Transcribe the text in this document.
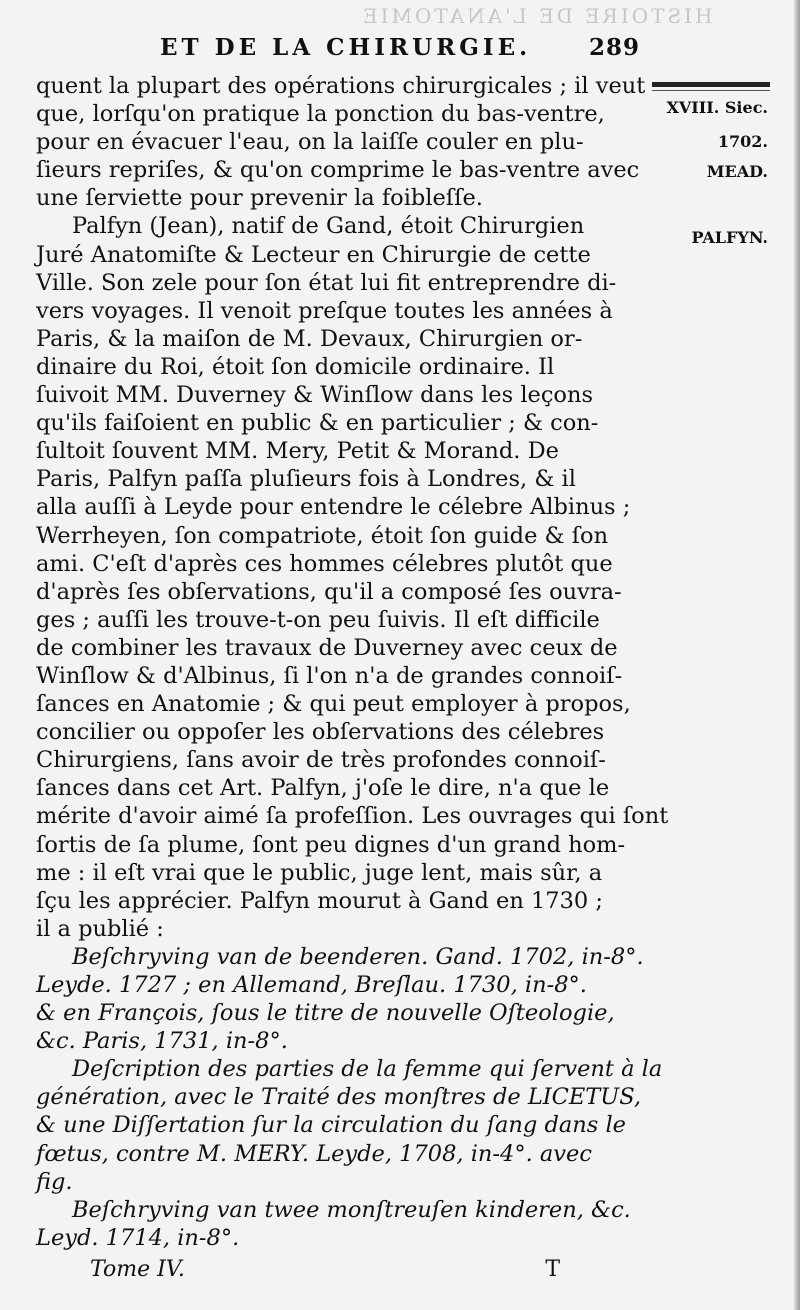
HISTOIRE DE L'ANATOMIE
ET DE LA CHIRURGIE.	289
XVIII. Siec.
1702.
MEAD.
PALFYN.
quent la plupart des opérations chirurgicales ; il veut
que, lorſqu'on pratique la ponction du bas-ventre,
pour en évacuer l'eau, on la laiſſe couler en plu-
ſieurs repriſes, & qu'on comprime le bas-ventre avec
une ſerviette pour prevenir la foibleſſe.
Palfyn (Jean), natif de Gand, étoit Chirurgien
Juré Anatomiſte & Lecteur en Chirurgie de cette
Ville. Son zele pour ſon état lui fit entreprendre di-
vers voyages. Il venoit preſque toutes les années à
Paris, & la maiſon de M. Devaux, Chirurgien or-
dinaire du Roi, étoit ſon domicile ordinaire. Il
ſuivoit MM. Duverney & Winſlow dans les leçons
qu'ils faiſoient en public & en particulier ; & con-
ſultoit ſouvent MM. Mery, Petit & Morand. De
Paris, Palfyn paſſa pluſieurs fois à Londres, & il
alla auſſi à Leyde pour entendre le célebre Albinus ;
Werrheyen, ſon compatriote, étoit ſon guide & ſon
ami. C'eſt d'après ces hommes célebres plutôt que
d'après ſes obſervations, qu'il a composé ſes ouvra-
ges ; auſſi les trouve-t-on peu ſuivis. Il eſt difficile
de combiner les travaux de Duverney avec ceux de
Winſlow & d'Albinus, ſi l'on n'a de grandes connoiſ-
ſances en Anatomie ; & qui peut employer à propos,
concilier ou oppoſer les obſervations des célebres
Chirurgiens, ſans avoir de très profondes connoiſ-
ſances dans cet Art. Palfyn, j'oſe le dire, n'a que le
mérite d'avoir aimé ſa profeſſion. Les ouvrages qui ſont
ſortis de ſa plume, ſont peu dignes d'un grand hom-
me : il eſt vrai que le public, juge lent, mais sûr, a
ſçu les apprécier. Palfyn mourut à Gand en 1730 ;
il a publié :
Beſchryving van de beenderen. Gand. 1702, in-8°.
Leyde. 1727 ; en Allemand, Breſlau. 1730, in-8°.
& en François, ſous le titre de nouvelle Oſteologie,
&c. Paris, 1731, in-8°.
Deſcription des parties de la femme qui ſervent à la
génération, avec le Traité des monſtres de LICETUS,
& une Diſſertation ſur la circulation du ſang dans le
fœtus, contre M. MERY. Leyde, 1708, in-4°. avec
fig.
Beſchryving van twee monſtreuſen kinderen, &c.
Leyd. 1714, in-8°.
Tome IV.	T
